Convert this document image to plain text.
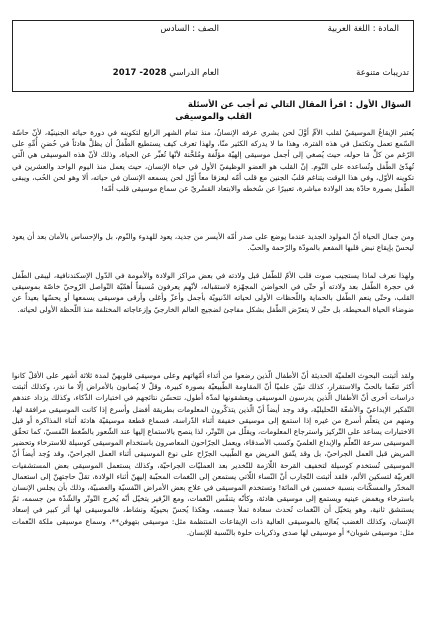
المادة : اللغة العربية
الصف : السادس
تدريبات متنوعة
العام الدراسي 2017 -2028
السؤال الأول : اقرأ المقال التالي ثم أجب عن الأسئلة
القلب والموسيقى

يُعتبر الإيقاعُ الموسيقيُ لقلب الأمِّ أوَّلَ لحن بشري عرفه الإنسانُ، منذ تمام الشهر الرابع لتكوينه في دورة حياته الجنينيّة، لأنّ حاسّة السّمع تعمل وتكتمل في هذه الفترة، وهذا ما لا يدركه الكثير منّا، ولهذا تعرف كيف يستطيع الطّفلُ أن يظلَّ هادئاً في حُضنِ أُمِّهِ على الرّغم من كلِّ مَا حوله، حيث يُصغي إلى أجمل موسيقى إلهيّة مؤلّفة ومُلحَّنة لأنّها تُعبِّر عن الحياة، وذلك لأنّ هذه الموسيقى هي الّتي تُهدّئ الطّفل وتُساعده على النّوم. إنّ القلب هو العضو الوظيفيّ الأول في حياة الإنسان، حيث يعمل منذ اليوم الواحد والعشرين في تكوينه الأوّل، وفي هذا الوقت يتناغم قلبُ الجنين مع قلب أمّه ليعزفا معاً أوّل لحن يسمعه الإنسان في حياته، ألا وهو لحن الحُب، ويبقى الطّفل بصورة حادّة بعد الولادة مباشرة، تعبيرًا عن سُخطه والابتعاد القسْريّ عن سماع موسيقى قلب أمّه!

ومن جمال الحياة أنّ المولود الجديد عندما يوضع على صدر أمّه الأيسر من جديد، يعود للهدوء والنّوم، بل والإحساس بالأمان بعد أن يعود ليحسّ بإيقاع نبض قلبها المفعم بالمودّة والرّحمة والحبّ.

ولهذا نعرف لماذا يستجيب صوت قلب الأمّ للطّفل قبل ولادته في بعض مراكز الولادة والأمومة في الدّول الإسكندنافية، ليبقى الطّفل في حجرة الطّفل بعد ولادته أو حتّى في الحواضن المجهّزة لاستقباله، لأنّهم يعرفون مُسبقاً أهمّيّة التّواصل الرّوحيّ خاصّة بموسيقى القلب، وحتّى ينعم الطّفل بالحماية واللّحظات الأولى لحياته الدّنيويّة بأجمل وأعزّ وأغلى وأرقى موسيقى يسمعها أو يحسّها بعيداً عن ضوضاء الحياة المحيطة، بل حتّى لا يتعرّض الطّفل بشكل مفاجئ لضجيج العالم الخارجيّ وإزعاجاته المختلفة منذ اللّحظة الأولى لحياته.

ولقد أثبتت البحوث العلميّة الحديثة أنّ الأطفال الّذين رضعوا من أثداء أمّهاتهم وعلى موسيقى قلوبهنّ لمدة ثلاثة أشهر على الأقلّ كانوا أكثر تنعّما بالحبّ والاستقرار، كذلك تبيّن علميّا أنّ المقاومة الطّبيعيّة بصورة كبيرة، وقلّ لا يُصابون بالأمراض إلّا ما ندر، وكذلك أثبتت دراسات أخرى أنّ الأطفال الّذين يدرسون الموسيقى ويعشقونها لمدّة أطول، تتحسّن نتائجهم في اختبارات الذّكاء، وكذلك يزداد عندهم التّفكير الإبداعيّ والأشعّة التّحليليّة، وقد وجد أيضاً أنّ الّذين يتذكّرون المعلومات بطريقة أفضل وأسرع إذا كانت الموسيقى مرافقة لها، ومنهم من يتعلّم أسرع من غيره إذا استمع إلى موسيقى خفيفة أثناء الدّراسة، فسماع قطعة موسيقيّة هادئة أثناء المذاكرة أو قبل الاختبارات يساعد على التّركيز واسترجاع المعلومات، ويقلّل من التّوتّر، لذا ينصح بالاستماع إليها عند الشّعور بالضّغط النّفسيّ، كما تحقّق الموسيقى سرعة التّعلّم والإبداع العلميّ وكسب الأصدقاء، ويعمل الجرّاحون المعاصرون باستخدام الموسيقى كوسيلة للاسترخاء وتحضير المريض قبل العمل الجراحيّ، بل وقد يتّفق المريض مع الطّبيب الجرّاح على نوع الموسيقى أثناء العمل الجراحيّ، وقد وُجد أيضاً أنّ الموسيقى تُستخدم كوسيلة لتخفيف القرحة اللّازمة للتّخدير بعد العمليّات الجراحيّة، وكذلك يستعمل الموسيقى بعض المستشفيات الغربيّة لتسكين الألم، فلقد أثبتت التّجارب أنّ النّساء اللّاتي يستمعن إلى النّغمات المحبّبة إليهنّ أثناء الولادة، تقلّ حاجتهنّ إلى استعمال المخدّر والمسكّنات بنسبة خمسين في المائة! وتستخدم الموسيقى في علاج بعض الأمراض النّفسيّة والعصبيّة، وذلك بأن يجلس الإنسان باسترخاء ويغمض عينيه ويستمع إلى موسيقى هادئة، وكأنّه يتنفّس النّغمات، ومع الزّفير يتخيّل أنّه يُخرج التّوتّر والشّدّة من جسمه، ثمّ يستنشق ثانية، وهو يتخيّل أن النّغمات تُحدث سعادة تملأ جسمه، وهكذا يُحسّ بحيويّة ونشاط، فالموسيقى لها أثر كبير في إسعاد الإنسان، وكذلك الغضب يُعالج بالموسيقى العالية ذات الإيقاعات المنتظمة مثل: موسيقى بتهوفن**، وسماع موسيقى ملكة النّغمات مثل: موسيقى شوبان* أو موسيقى لها صدى وذكريات حلوة بالنّسبة للإنسان.
